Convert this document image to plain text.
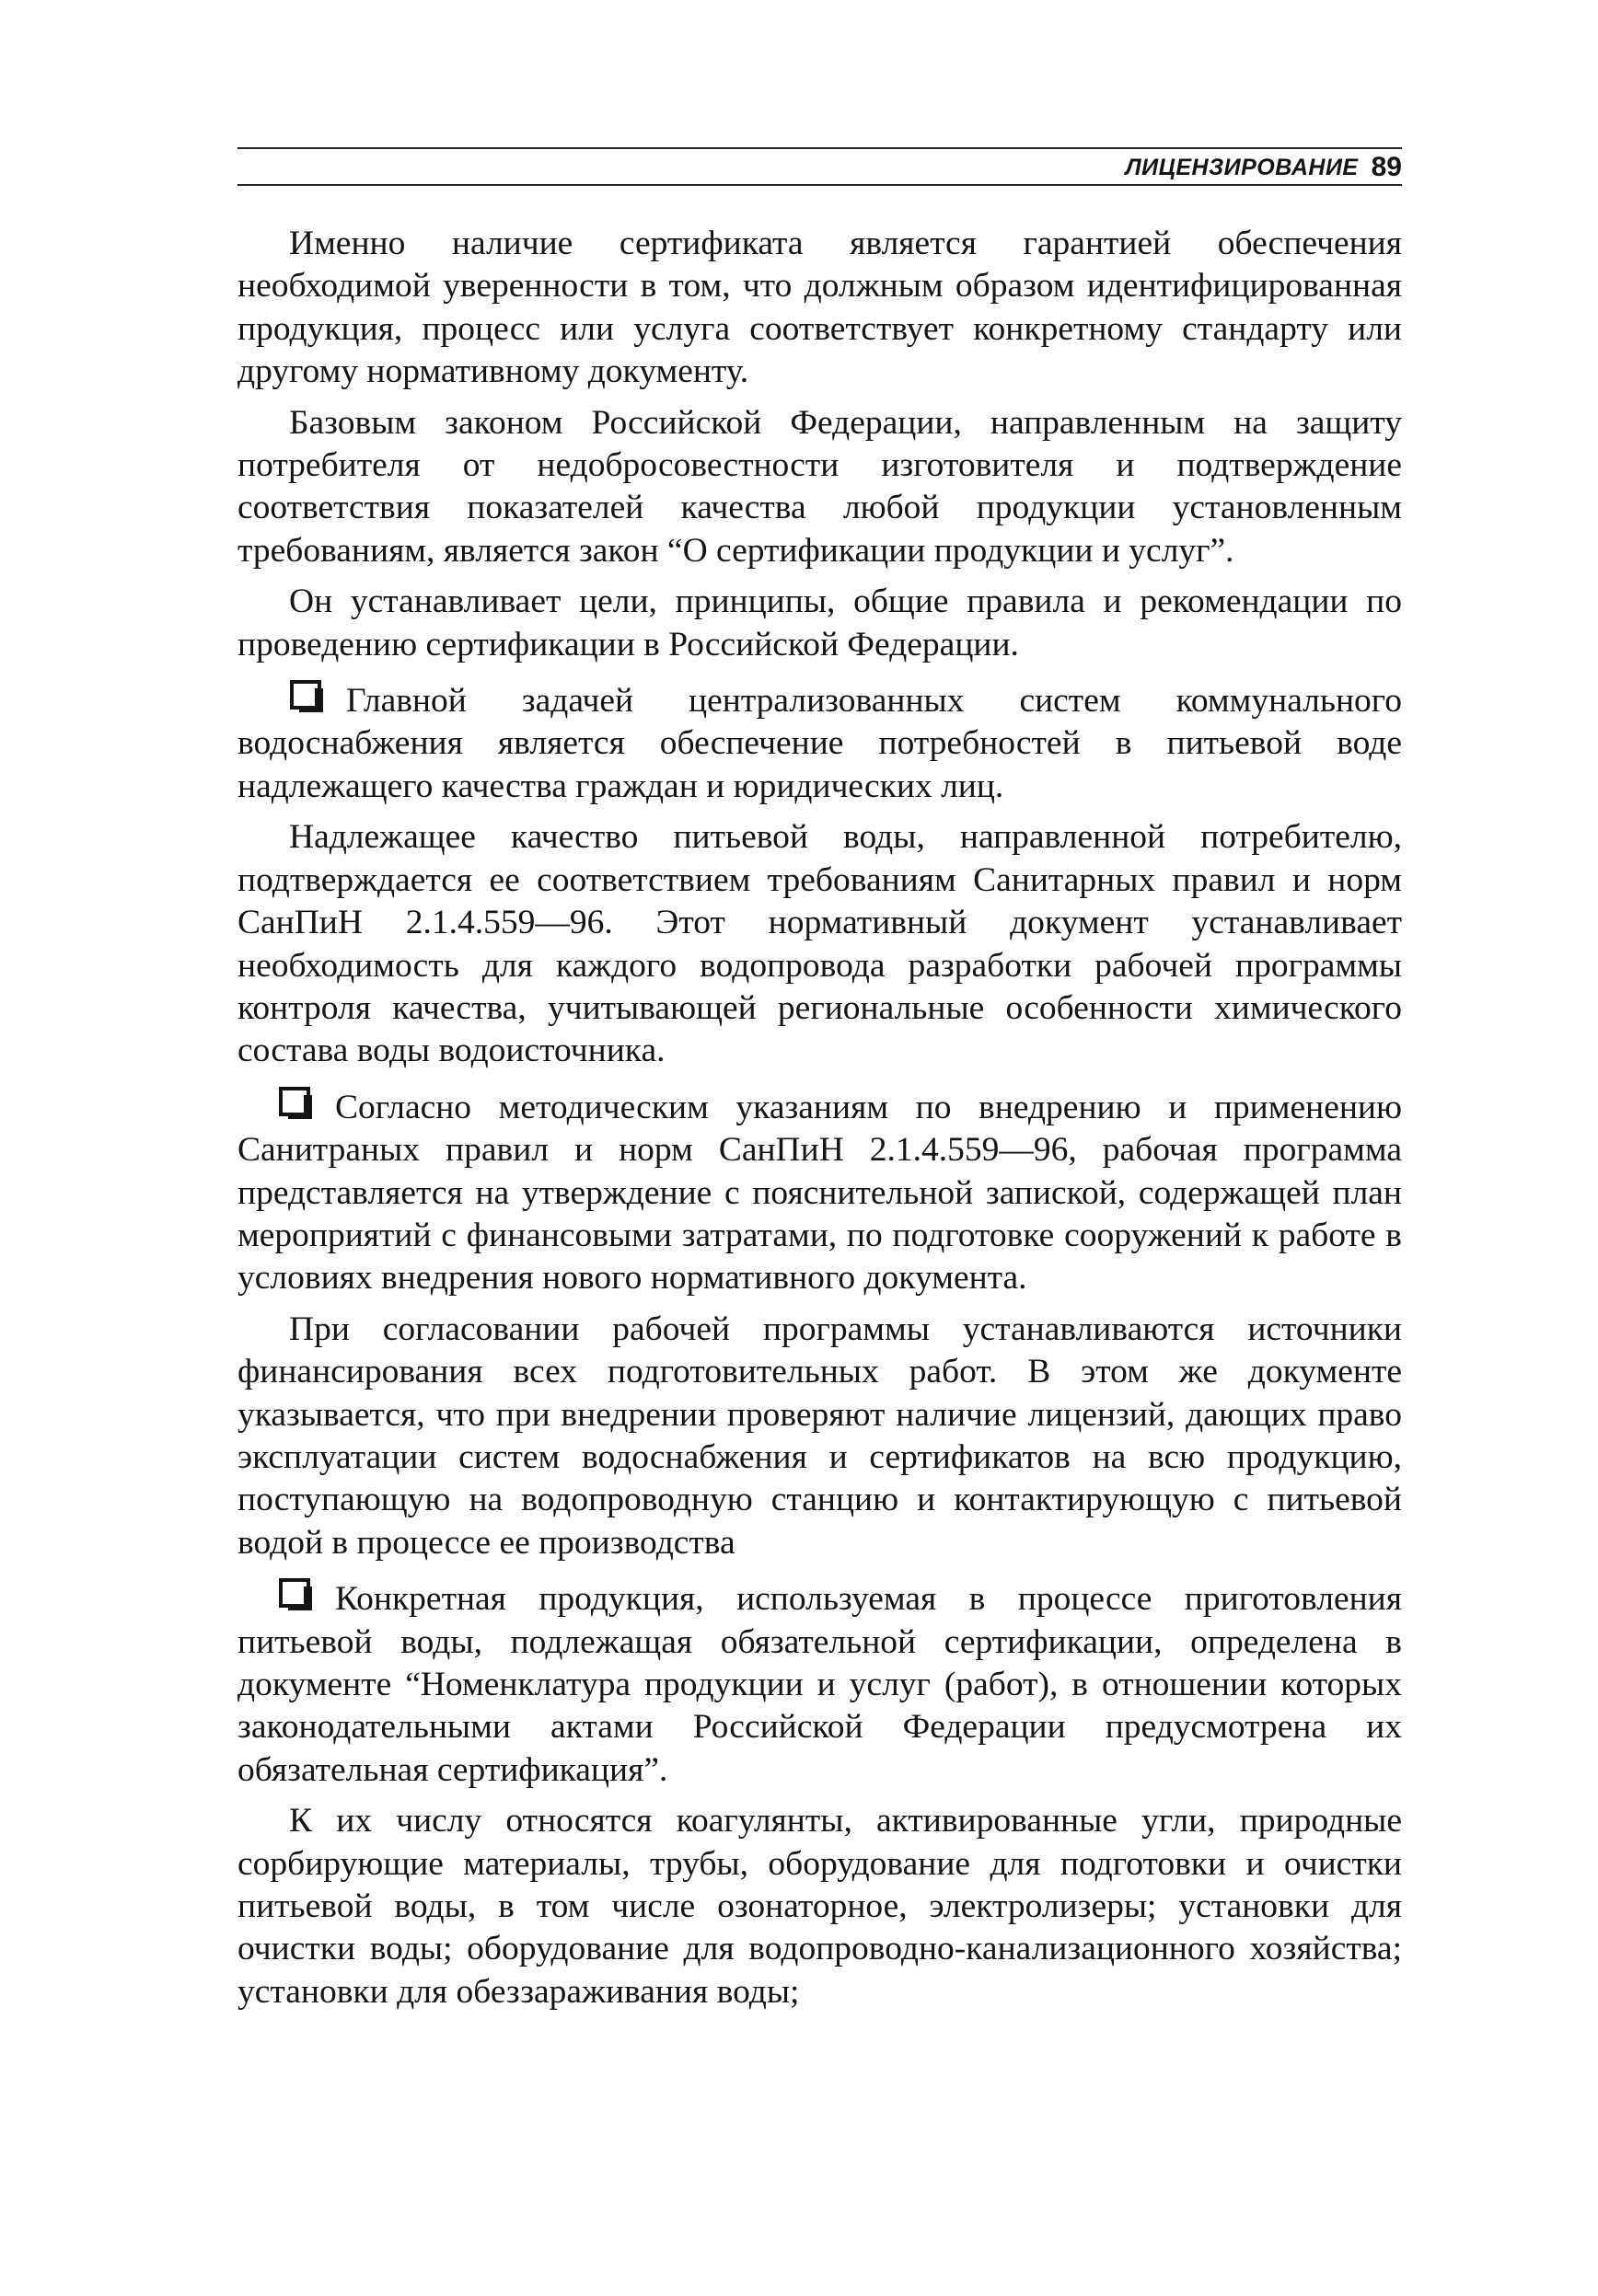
ЛИЦЕНЗИРОВАНИЕ 89

Именно наличие сертификата является гарантией обеспечения необходимой уверенности в том, что должным образом идентифицированная продукция, процесс или услуга соответствует конкретному стандарту или другому нормативному документу.

Базовым законом Российской Федерации, направленным на защиту потребителя от недобросовестности изготовителя и подтверждение соответствия показателей качества любой продукции установленным требованиям, является закон “О сертификации продукции и услуг”.

Он устанавливает цели, принципы, общие правила и рекомендации по проведению сертификации в Российской Федерации.

Главной задачей централизованных систем коммунального водоснабжения является обеспечение потребностей в питьевой воде надлежащего качества граждан и юридических лиц.

Надлежащее качество питьевой воды, направленной потребителю, подтверждается ее соответствием требованиям Санитарных правил и норм СанПиН 2.1.4.559—96. Этот нормативный документ устанавливает необходимость для каждого водопровода разработки рабочей программы контроля качества, учитывающей региональные особенности химического состава воды водоисточника.

Согласно методическим указаниям по внедрению и применению Санитраных правил и норм СанПиН 2.1.4.559—96, рабочая программа представляется на утверждение с пояснительной запиской, содержащей план мероприятий с финансовыми затратами, по подготовке сооружений к работе в условиях внедрения нового нормативного документа.

При согласовании рабочей программы устанавливаются источники финансирования всех подготовительных работ. В этом же документе указывается, что при внедрении проверяют наличие лицензий, дающих право эксплуатации систем водоснабжения и сертификатов на всю продукцию, поступающую на водопроводную станцию и контактирующую с питьевой водой в процессе ее производства

Конкретная продукция, используемая в процессе приготовления питьевой воды, подлежащая обязательной сертификации, определена в документе “Номенклатура продукции и услуг (работ), в отношении которых законодательными актами Российской Федерации предусмотрена их обязательная сертификация”.

К их числу относятся коагулянты, активированные угли, природные сорбирующие материалы, трубы, оборудование для подготовки и очистки питьевой воды, в том числе озонаторное, электролизеры; установки для очистки воды; оборудование для водопроводно-канализационного хозяйства; установки для обеззараживания воды;
